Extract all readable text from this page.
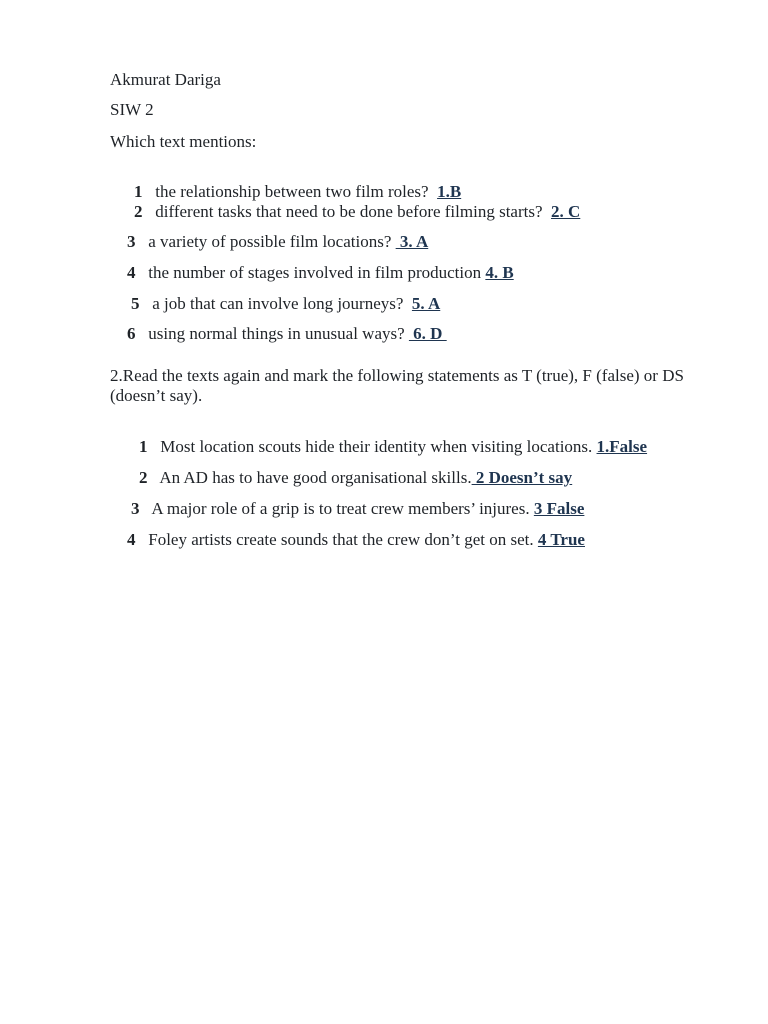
Akmurat Dariga
SIW 2
Which text mentions:

1 the relationship between two film roles? 1.B

2 different tasks that need to be done before filming starts? 2. C

3 a variety of possible film locations?  3. A

4 the number of stages involved in film production 4. B

5 a job that can involve long journeys? 5. A

6 using normal things in unusual ways?  6. D

2.Read the texts again and mark the following statements as T (true), F (false) or DS (doesn’t say).

1 Most location scouts hide their identity when visiting locations. 1.False

2 An AD has to have good organisational skills. 2 Doesn’t say

3 A major role of a grip is to treat crew members’ injures. 3 False

4 Foley artists create sounds that the crew don’t get on set. 4 True
